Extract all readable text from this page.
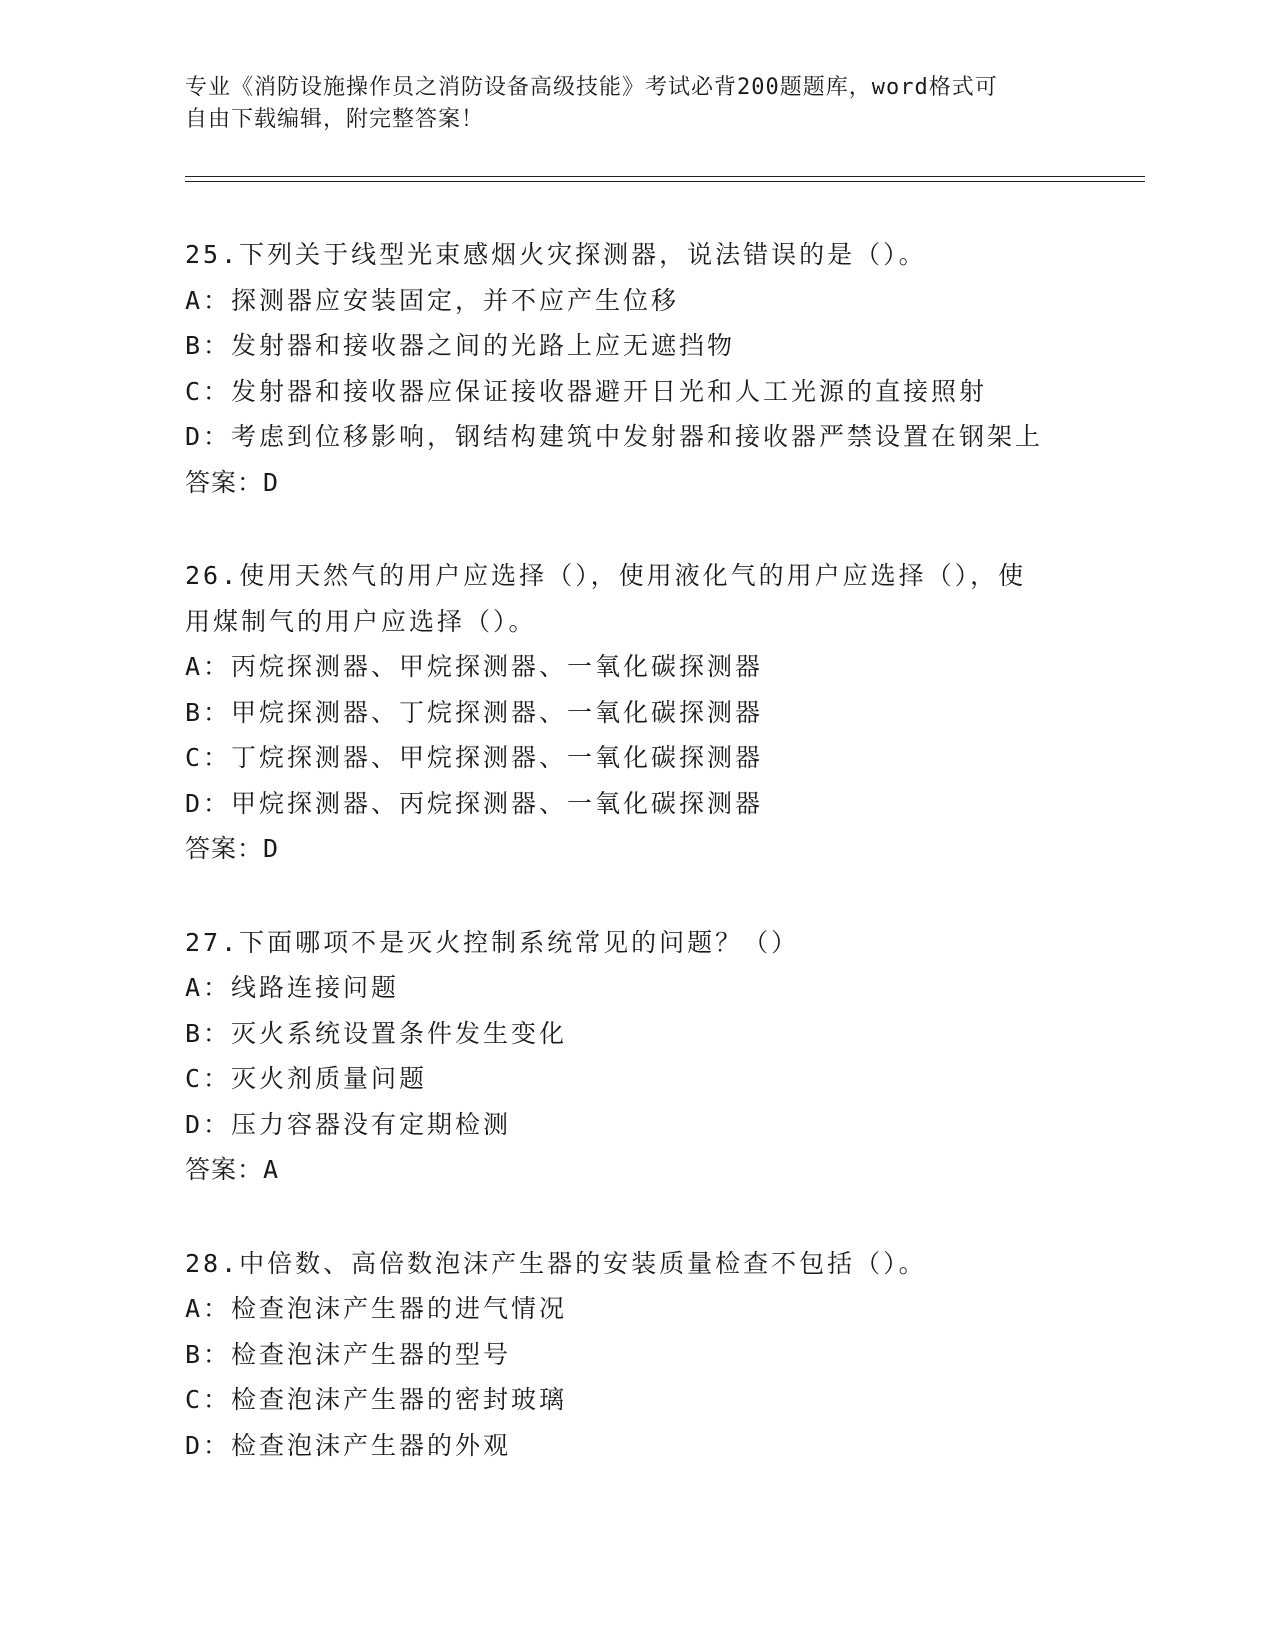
专业《消防设施操作员之消防设备高级技能》考试必背200题题库，word格式可
自由下载编辑，附完整答案！
25.下列关于线型光束感烟火灾探测器，说法错误的是（）。
A：探测器应安装固定，并不应产生位移
B：发射器和接收器之间的光路上应无遮挡物
C：发射器和接收器应保证接收器避开日光和人工光源的直接照射
D：考虑到位移影响，钢结构建筑中发射器和接收器严禁设置在钢架上
答案：D
26.使用天然气的用户应选择（），使用液化气的用户应选择（），使
用煤制气的用户应选择（）。
A：丙烷探测器、甲烷探测器、一氧化碳探测器
B：甲烷探测器、丁烷探测器、一氧化碳探测器
C：丁烷探测器、甲烷探测器、一氧化碳探测器
D：甲烷探测器、丙烷探测器、一氧化碳探测器
答案：D
27.下面哪项不是灭火控制系统常见的问题？（）
A：线路连接问题
B：灭火系统设置条件发生变化
C：灭火剂质量问题
D：压力容器没有定期检测
答案：A
28.中倍数、高倍数泡沫产生器的安装质量检查不包括（）。
A：检查泡沫产生器的进气情况
B：检查泡沫产生器的型号
C：检查泡沫产生器的密封玻璃
D：检查泡沫产生器的外观
